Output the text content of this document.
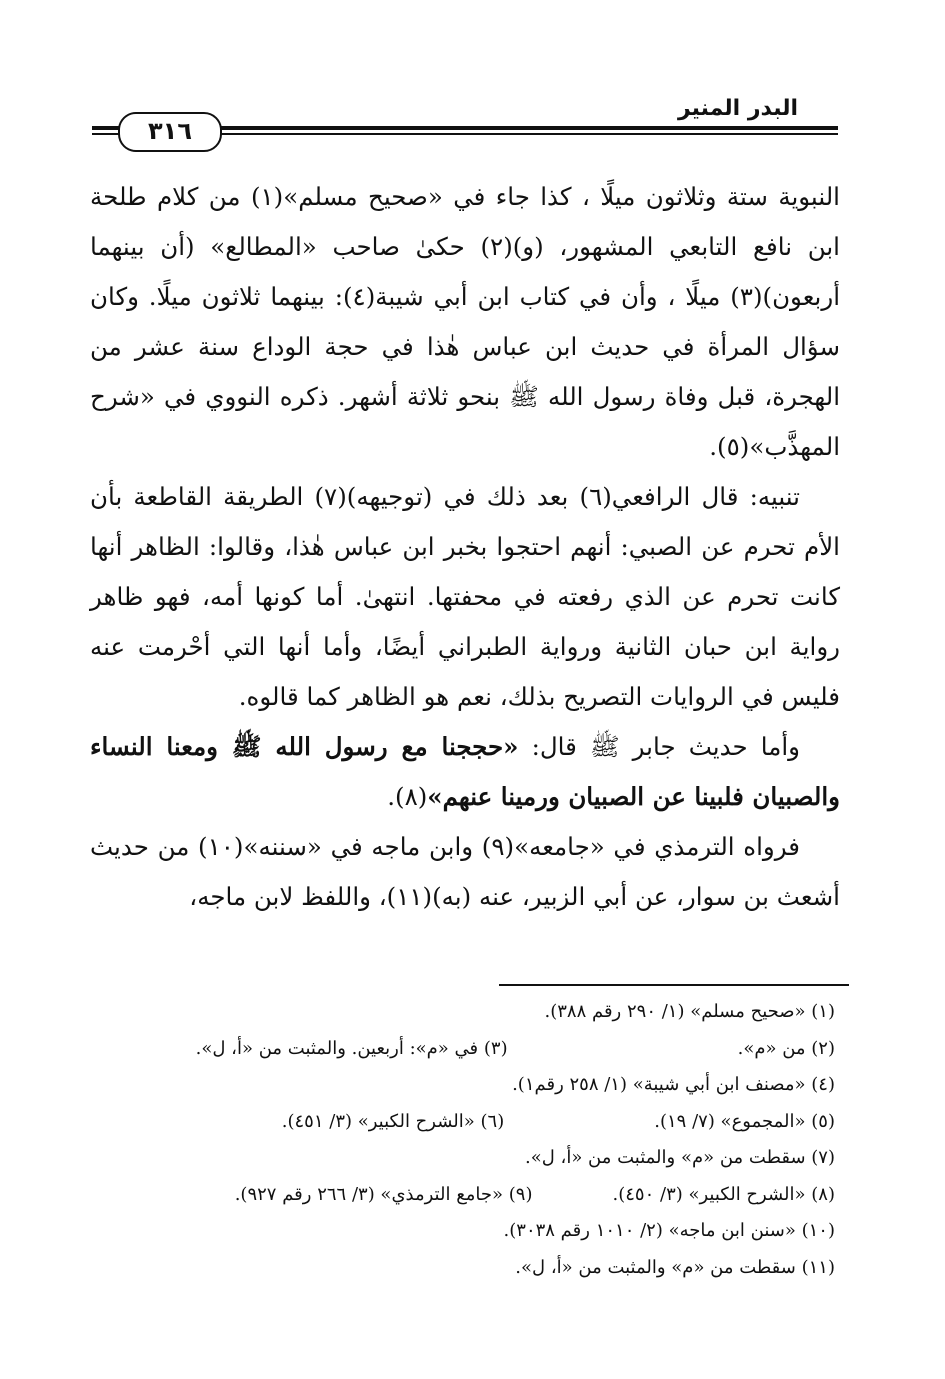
البدر المنير
٣١٦

النبوية ستة وثلاثون ميلًا ، كذا جاء في «صحيح مسلم»(١) من كلام طلحة ابن نافع التابعي المشهور، (و)(٢) حكىٰ صاحب «المطالع» (أن بينهما أربعون)(٣) ميلًا ، وأن في كتاب ابن أبي شيبة(٤): بينهما ثلاثون ميلًا. وكان سؤال المرأة في حديث ابن عباس هٰذا في حجة الوداع سنة عشر من الهجرة، قبل وفاة رسول الله ﷺ بنحو ثلاثة أشهر. ذكره النووي في «شرح المهذَّب»(٥).

تنبيه: قال الرافعي(٦) بعد ذلك في (توجيهه)(٧) الطريقة القاطعة بأن الأم تحرم عن الصبي: أنهم احتجوا بخبر ابن عباس هٰذا، وقالوا: الظاهر أنها كانت تحرم عن الذي رفعته في محفتها. انتهىٰ. أما كونها أمه، فهو ظاهر رواية ابن حبان الثانية ورواية الطبراني أيضًا، وأما أنها التي أحْرمت عنه فليس في الروايات التصريح بذلك، نعم هو الظاهر كما قالوه.

وأما حديث جابر ﷺ قال: «حججنا مع رسول الله ﷺ ومعنا النساء والصبيان فلبينا عن الصبيان ورمينا عنهم»(٨).

فرواه الترمذي في «جامعه»(٩) وابن ماجه في «سننه»(١٠) من حديث أشعث بن سوار، عن أبي الزبير، عنه (به)(١١)، واللفظ لابن ماجه،

(١) «صحيح مسلم» (١/ ٢٩٠ رقم ٣٨٨).
(٢) من «م».
(٣) في «م»: أربعين. والمثبت من «أ، ل».
(٤) «مصنف ابن أبي شيبة» (١/ ٢٥٨ رقم١).
(٥) «المجموع» (٧/ ١٩).
(٦) «الشرح الكبير» (٣/ ٤٥١).
(٧) سقطت من «م» والمثبت من «أ، ل».
(٨) «الشرح الكبير» (٣/ ٤٥٠).
(٩) «جامع الترمذي» (٣/ ٢٦٦ رقم ٩٢٧).
(١٠) «سنن ابن ماجه» (٢/ ١٠١٠ رقم ٣٠٣٨).
(١١) سقطت من «م» والمثبت من «أ، ل».
